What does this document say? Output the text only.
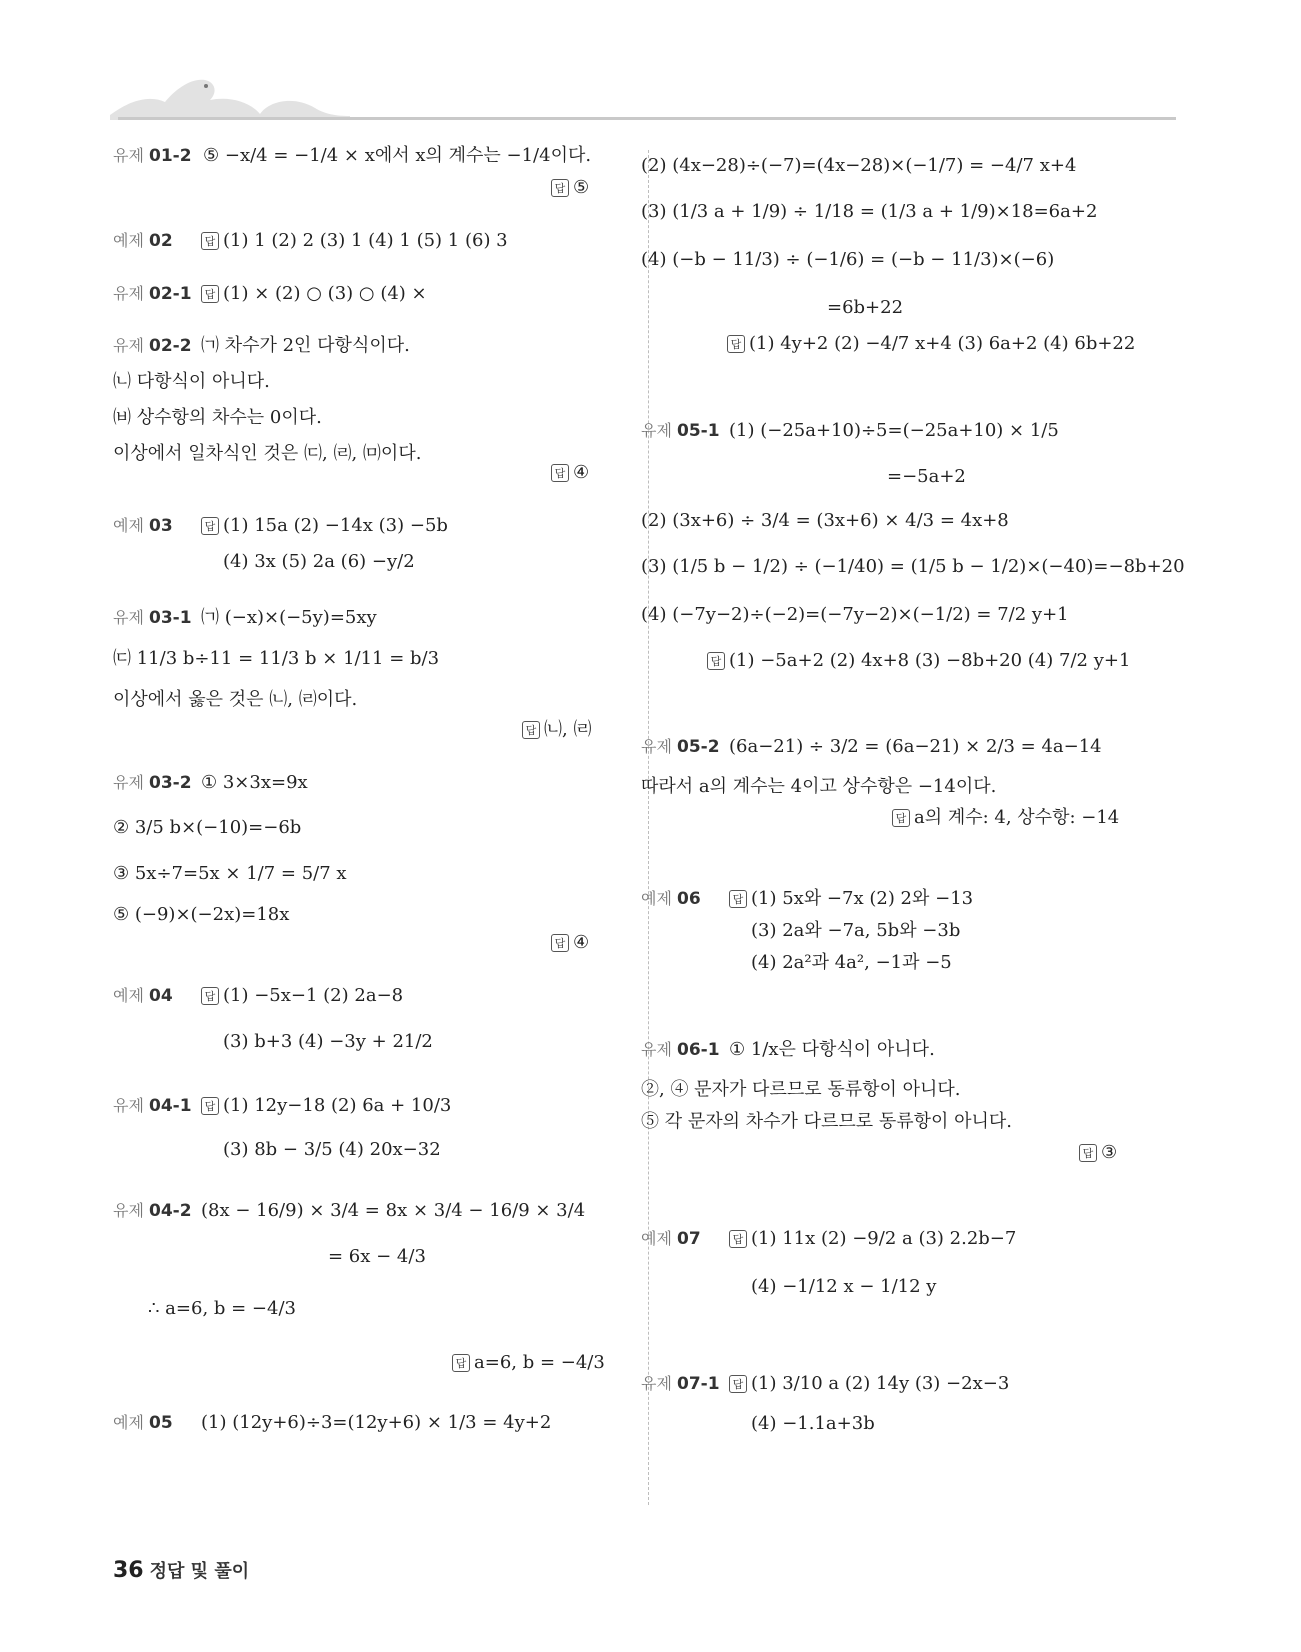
유제 01-2 ⑤ −x/4 = −1/4 × x에서 x의 계수는 −1/4이다.
답 ⑤
예제 02	답 (1) 1 (2) 2 (3) 1 (4) 1 (5) 1 (6) 3
유제 02-1 답 (1) × (2) ○ (3) ○ (4) ×
유제 02-2 ㈀ 차수가 2인 다항식이다.
㈁ 다항식이 아니다.
㈅ 상수항의 차수는 0이다.
이상에서 일차식인 것은 ㈂, ㈃, ㈄이다.
답 ④
예제 03	답 (1) 15a (2) −14x (3) −5b
(4) 3x (5) 2a (6) −y/2
유제 03-1 ㈀ (−x)×(−5y)=5xy
㈂ 11/3 b÷11 = 11/3 b × 1/11 = b/3
이상에서 옳은 것은 ㈁, ㈃이다.
답 ㈁, ㈃
유제 03-2 ① 3×3x=9x
② 3/5 b×(−10)=−6b
③ 5x÷7=5x × 1/7 = 5/7 x
⑤ (−9)×(−2x)=18x
답 ④
예제 04	답 (1) −5x−1 (2) 2a−8
(3) b+3 (4) −3y + 21/2
유제 04-1 답 (1) 12y−18 (2) 6a + 10/3
(3) 8b − 3/5 (4) 20x−32
유제 04-2 (8x − 16/9) × 3/4 = 8x × 3/4 − 16/9 × 3/4
= 6x − 4/3
∴ a=6, b = −4/3
답 a=6, b = −4/3
예제 05 (1) (12y+6)÷3=(12y+6) × 1/3 = 4y+2
(2) (4x−28)÷(−7)=(4x−28)×(−1/7) = −4/7 x+4
(3) (1/3 a + 1/9) ÷ 1/18 = (1/3 a + 1/9)×18=6a+2
(4) (−b − 11/3) ÷ (−1/6) = (−b − 11/3)×(−6)
=6b+22
답 (1) 4y+2 (2) −4/7 x+4 (3) 6a+2 (4) 6b+22
유제 05-1 (1) (−25a+10)÷5=(−25a+10) × 1/5
=−5a+2
(2) (3x+6) ÷ 3/4 = (3x+6) × 4/3 = 4x+8
(3) (1/5 b − 1/2) ÷ (−1/40) = (1/5 b − 1/2)×(−40)=−8b+20
(4) (−7y−2)÷(−2)=(−7y−2)×(−1/2) = 7/2 y+1
답 (1) −5a+2 (2) 4x+8 (3) −8b+20 (4) 7/2 y+1
유제 05-2 (6a−21) ÷ 3/2 = (6a−21) × 2/3 = 4a−14
따라서 a의 계수는 4이고 상수항은 −14이다.
답 a의 계수: 4, 상수항: −14
예제 06	답 (1) 5x와 −7x (2) 2와 −13
(3) 2a와 −7a, 5b와 −3b
(4) 2a²과 4a², −1과 −5
유제 06-1 ① 1/x은 다항식이 아니다.
②, ④ 문자가 다르므로 동류항이 아니다.
⑤ 각 문자의 차수가 다르므로 동류항이 아니다.
답 ③
예제 07	답 (1) 11x (2) −9/2 a (3) 2.2b−7
(4) −1/12 x − 1/12 y
유제 07-1 답 (1) 3/10 a (2) 14y (3) −2x−3
(4) −1.1a+3b
36 정답 및 풀이
